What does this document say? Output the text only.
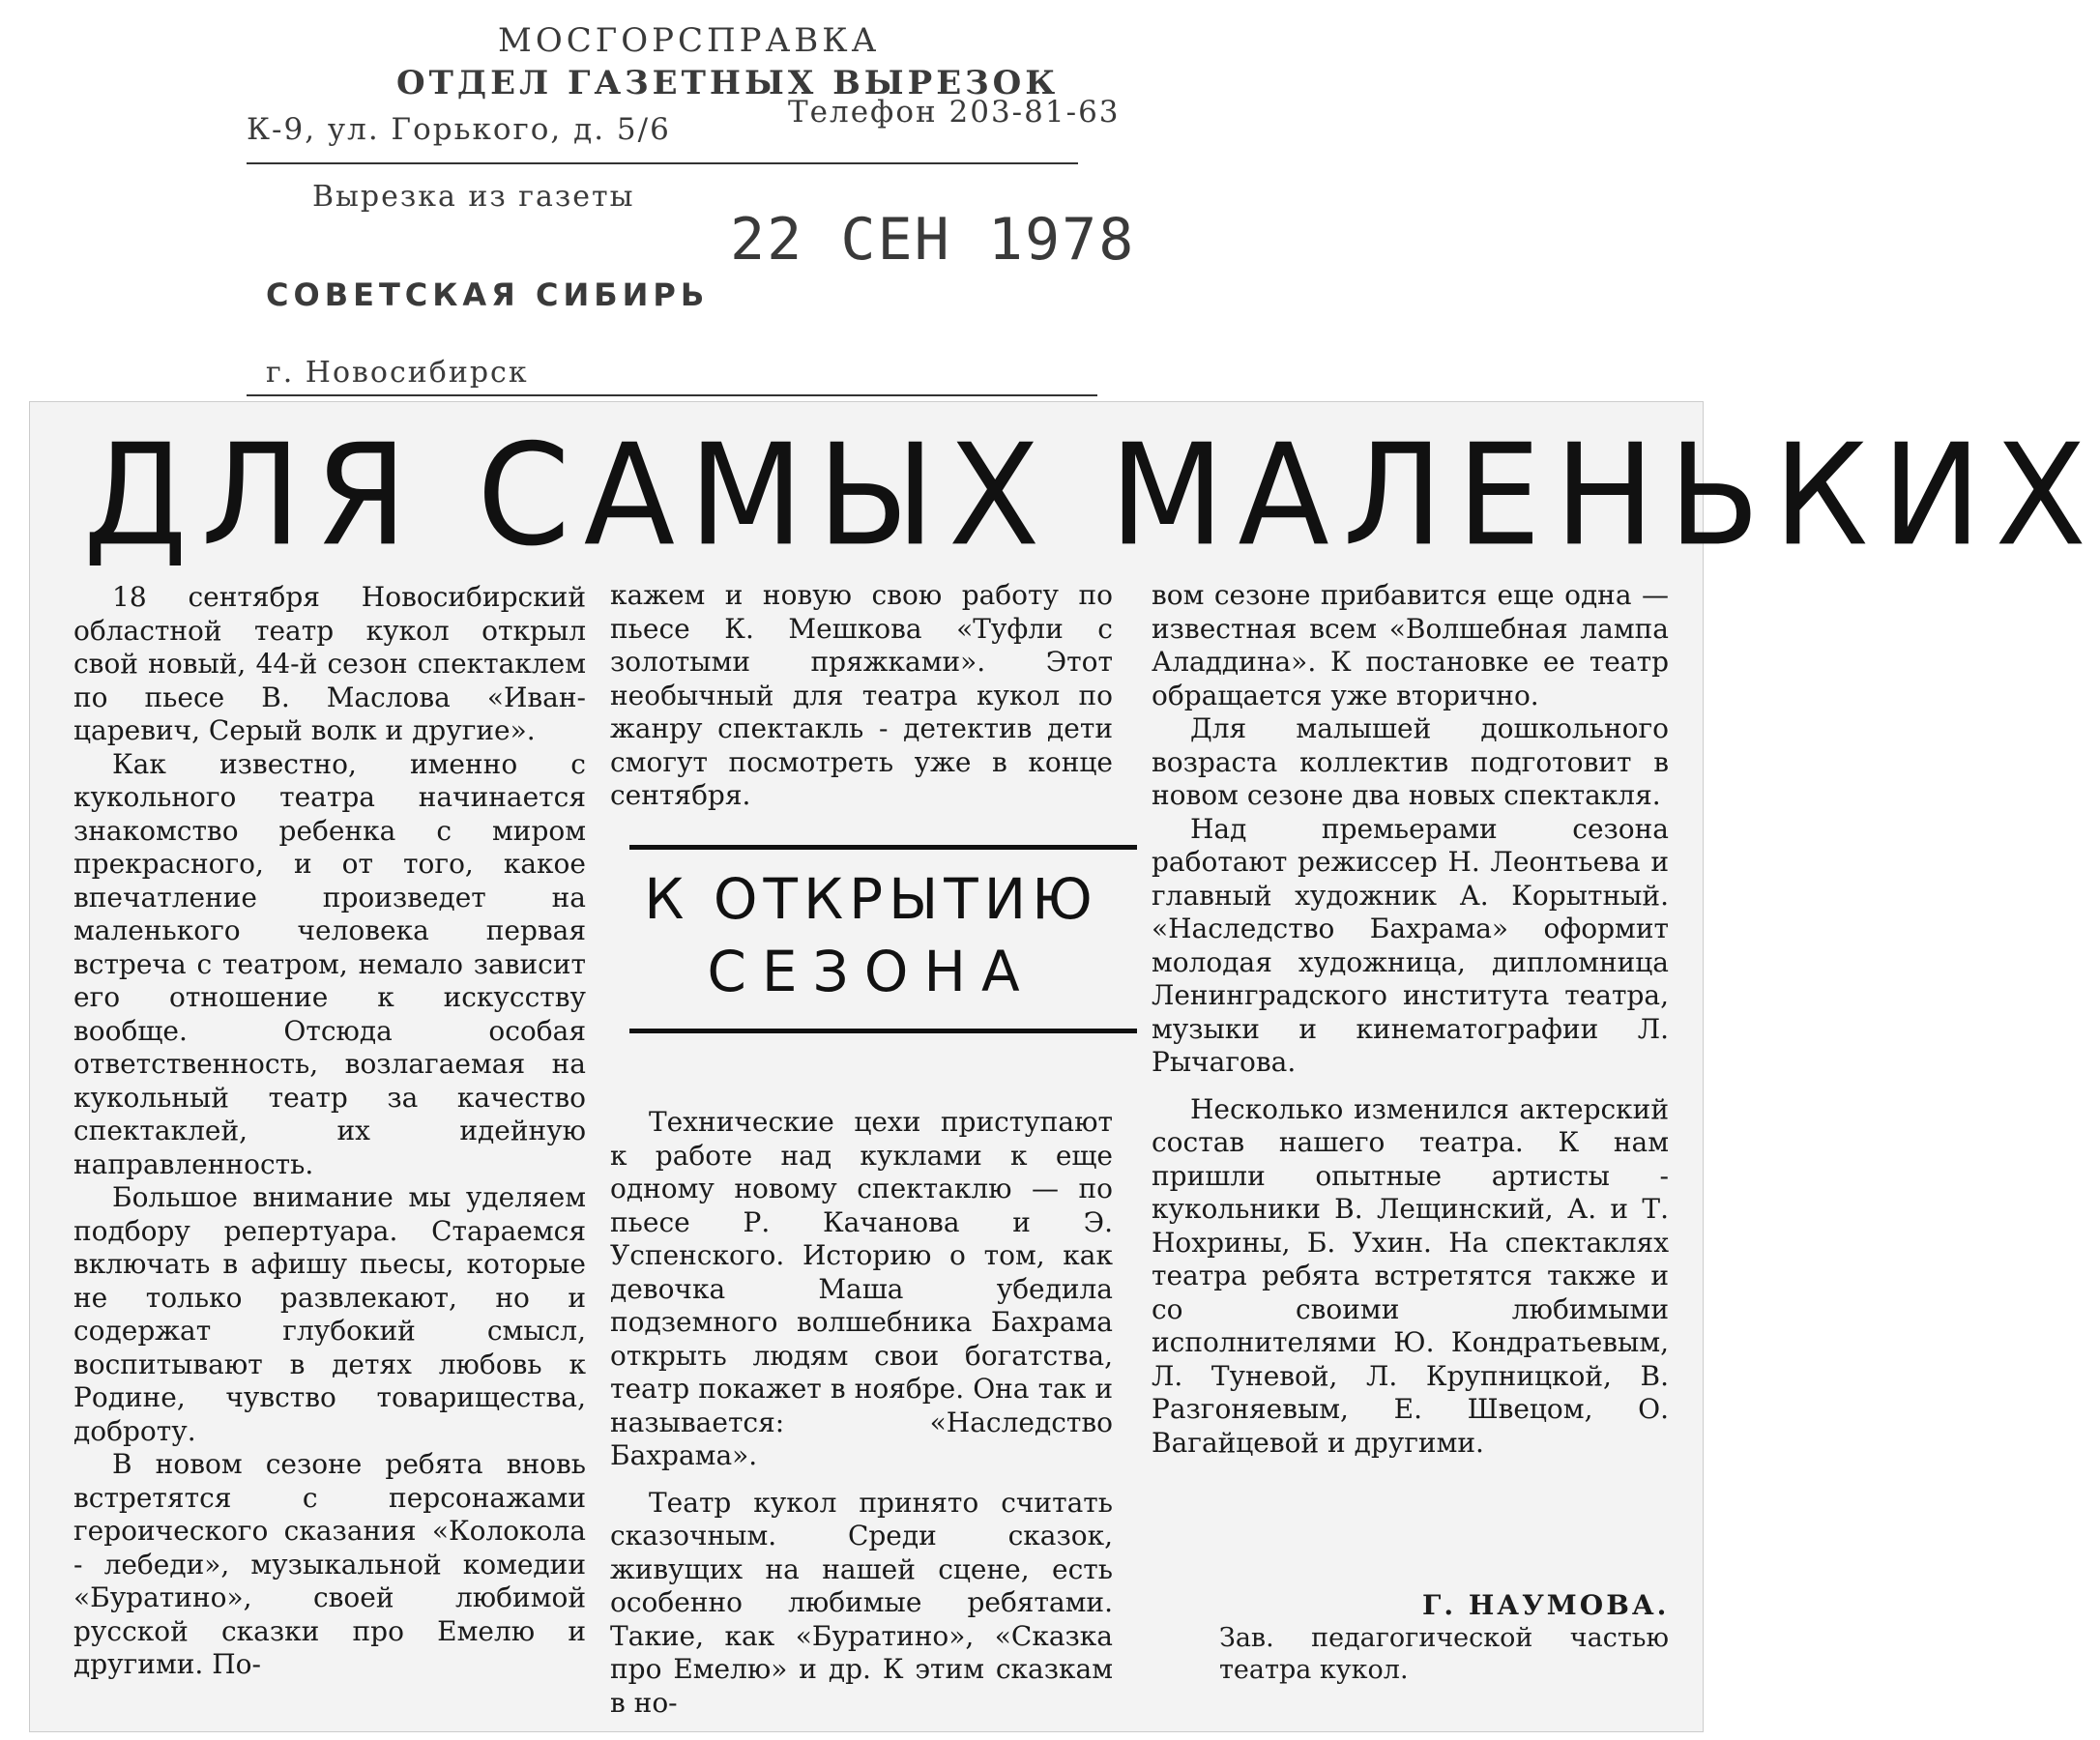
МОСГОРСПРАВКА
ОТДЕЛ ГАЗЕТНЫХ ВЫРЕЗОК
Телефон 203-81-63
К-9, ул. Горького, д. 5/6
Вырезка из газеты
22 СЕН 1978
СОВЕТСКАЯ СИБИРЬ
г. Новосибирск
ДЛЯ САМЫХ МАЛЕНЬКИХ

18 сентября Новосибирский областной театр кукол открыл свой новый, 44-й сезон спектаклем по пьесе В. Маслова «Иван-царевич, Серый волк и другие».

Как известно, именно с кукольного театра начинается знакомство ребенка с миром прекрасного, и от того, какое впечатление произведет на маленького человека первая встреча с театром, немало зависит его отношение к искусству вообще. Отсюда особая ответственность, возлагаемая на кукольный театр за качество спектаклей, их идейную направленность.

Большое внимание мы уделяем подбору репертуара. Стараемся включать в афишу пьесы, которые не только развлекают, но и содержат глубокий смысл, воспитывают в детях любовь к Родине, чувство товарищества, доброту.

В новом сезоне ребята вновь встретятся с персонажами героического сказания «Колокола - лебеди», музыкальной комедии «Буратино», своей любимой русской сказки про Емелю и другими. По-

кажем и новую свою работу по пьесе К. Мешкова «Туфли с золотыми пряжками». Этот необычный для театра кукол по жанру спектакль - детектив дети смогут посмотреть уже в конце сентября.

К ОТКРЫТИЮ
СЕЗОНА

Технические цехи приступают к работе над куклами к еще одному новому спектаклю — по пьесе Р. Качанова и Э. Успенского. Историю о том, как девочка Маша убедила подземного волшебника Бахрама открыть людям свои богатства, театр покажет в ноябре. Она так и называется: «Наследство Бахрама».

Театр кукол принято считать сказочным. Среди сказок, живущих на нашей сцене, есть особенно любимые ребятами. Такие, как «Буратино», «Сказка про Емелю» и др. К этим сказкам в но-

вом сезоне прибавится еще одна — известная всем «Волшебная лампа Аладдина». К постановке ее театр обращается уже вторично.

Для малышей дошкольного возраста коллектив подготовит в новом сезоне два новых спектакля.

Над премьерами сезона работают режиссер Н. Леонтьева и главный художник А. Корытный. «Наследство Бахрама» оформит молодая художница, дипломница Ленинградского института театра, музыки и кинематографии Л. Рычагова.

Несколько изменился актерский состав нашего театра. К нам пришли опытные артисты - кукольники В. Лещинский, А. и Т. Нохрины, Б. Ухин. На спектаклях театра ребята встретятся также и со своими любимыми исполнителями Ю. Кондратьевым, Л. Туневой, Л. Крупницкой, В. Разгоняевым, Е. Швецом, О. Вагайцевой и другими.

Г. НАУМОВА.
Зав. педагогической частью театра кукол.
